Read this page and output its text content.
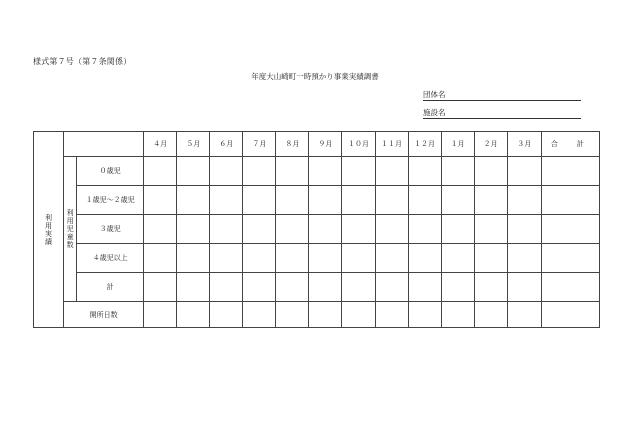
様式第７号（第７条関係）
年度大山崎町一時預かり事業実績調書
団体名
施設名
利用実績			４月	５月	６月	７月	８月	９月	１０月	１１月	１２月	１月	２月	３月	合　計
	利用児童数	０歳児													
		１歳児～２歳児													
		３歳児													
		４歳児以上													
		計													
	開所日数														
